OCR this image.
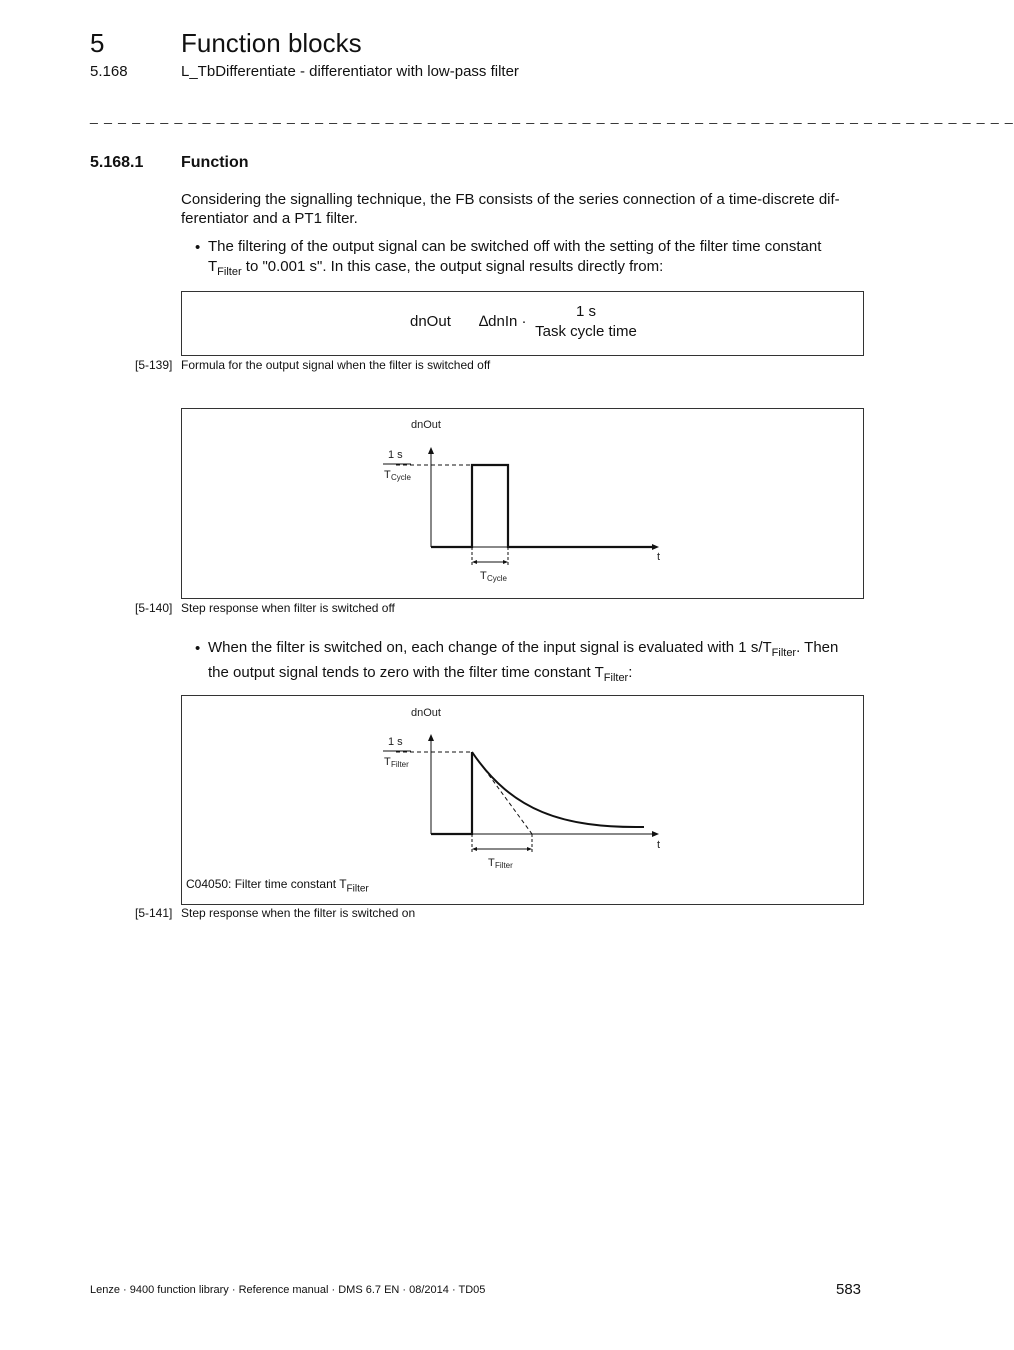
5	Function blocks
5.168	L_TbDifferentiate - differentiator with low-pass filter
_ _ _ _ _ _ _ _ _ _ _ _ _ _ _ _ _ _ _ _ _ _ _ _ _ _ _ _ _ _ _ _ _ _ _ _ _ _ _ _ _ _ _ _ _ _ _ _ _ _ _ _ _ _ _ _ _ _ _ _ _ _ _ _ _ _
5.168.1 Function
Considering the signalling technique, the FB consists of the series connection of a time-discrete dif-ferentiator and a PT1 filter.
• The filtering of the output signal can be switched off with the setting of the filter time constant
$T_{Filter}$ to "0.001 s". In this case, the output signal results directly from:
dnOut ∆dnIn ·
1 s
Task cycle time
[5-139] Formula for the output signal when the filter is switched off
dnOut
t
1 s
T Cycle
T Cycle
[5-140] Step response when filter is switched off
• When the filter is switched on, each change of the input signal is evaluated with 1 $s/T_{Filter}$. Then
the output signal tends to zero with the filter time constant $T_{Filter}$:
dnOut
t
1 s
T Filter
T Filter
C04050: Filter time constant $T_{Filter}$
[5-141] Step response when the filter is switched on
Lenze · 9400 function library · Reference manual · DMS 6.7 EN · 08/2014 · TD05	583
